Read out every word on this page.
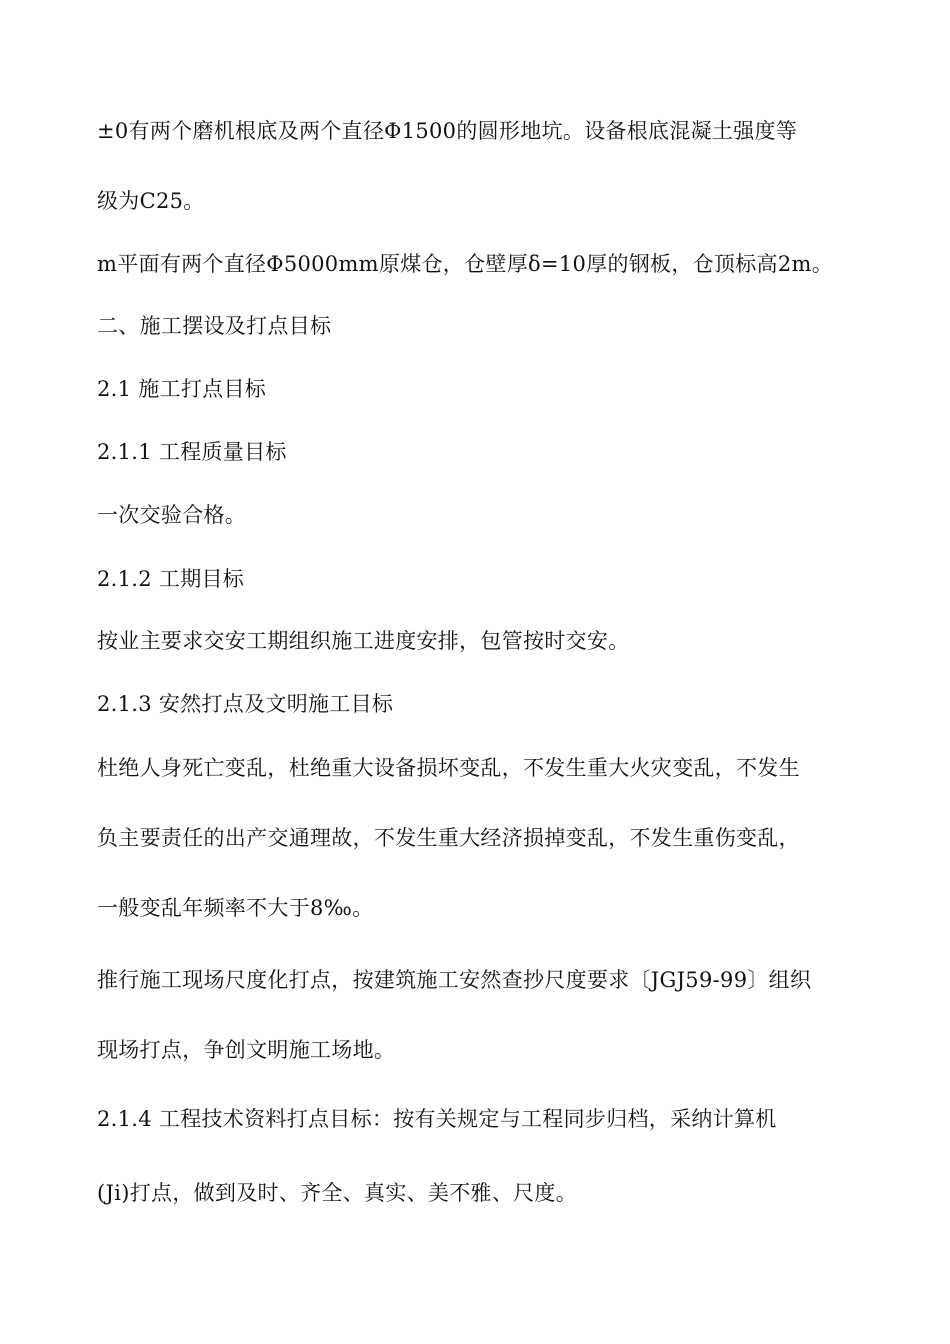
±0有两个磨机根底及两个直径Φ1500的圆形地坑。设备根底混凝土强度等
级为C25。
m平面有两个直径Φ5000mm原煤仓，仓壁厚δ=10厚的钢板，仓顶标高2m。
二、施工摆设及打点目标
2.1 施工打点目标
2.1.1 工程质量目标
一次交验合格。
2.1.2 工期目标
按业主要求交安工期组织施工进度安排，包管按时交安。
2.1.3 安然打点及文明施工目标
杜绝人身死亡变乱，杜绝重大设备损坏变乱，不发生重大火灾变乱，不发生
负主要责任的出产交通理故，不发生重大经济损掉变乱，不发生重伤变乱，
一般变乱年频率不大于8‰。
推行施工现场尺度化打点，按建筑施工安然查抄尺度要求〔JGJ59-99〕组织
现场打点，争创文明施工场地。
2.1.4 工程技术资料打点目标：按有关规定与工程同步归档，采纳计算机
(Ji)打点，做到及时、齐全、真实、美不雅、尺度。
